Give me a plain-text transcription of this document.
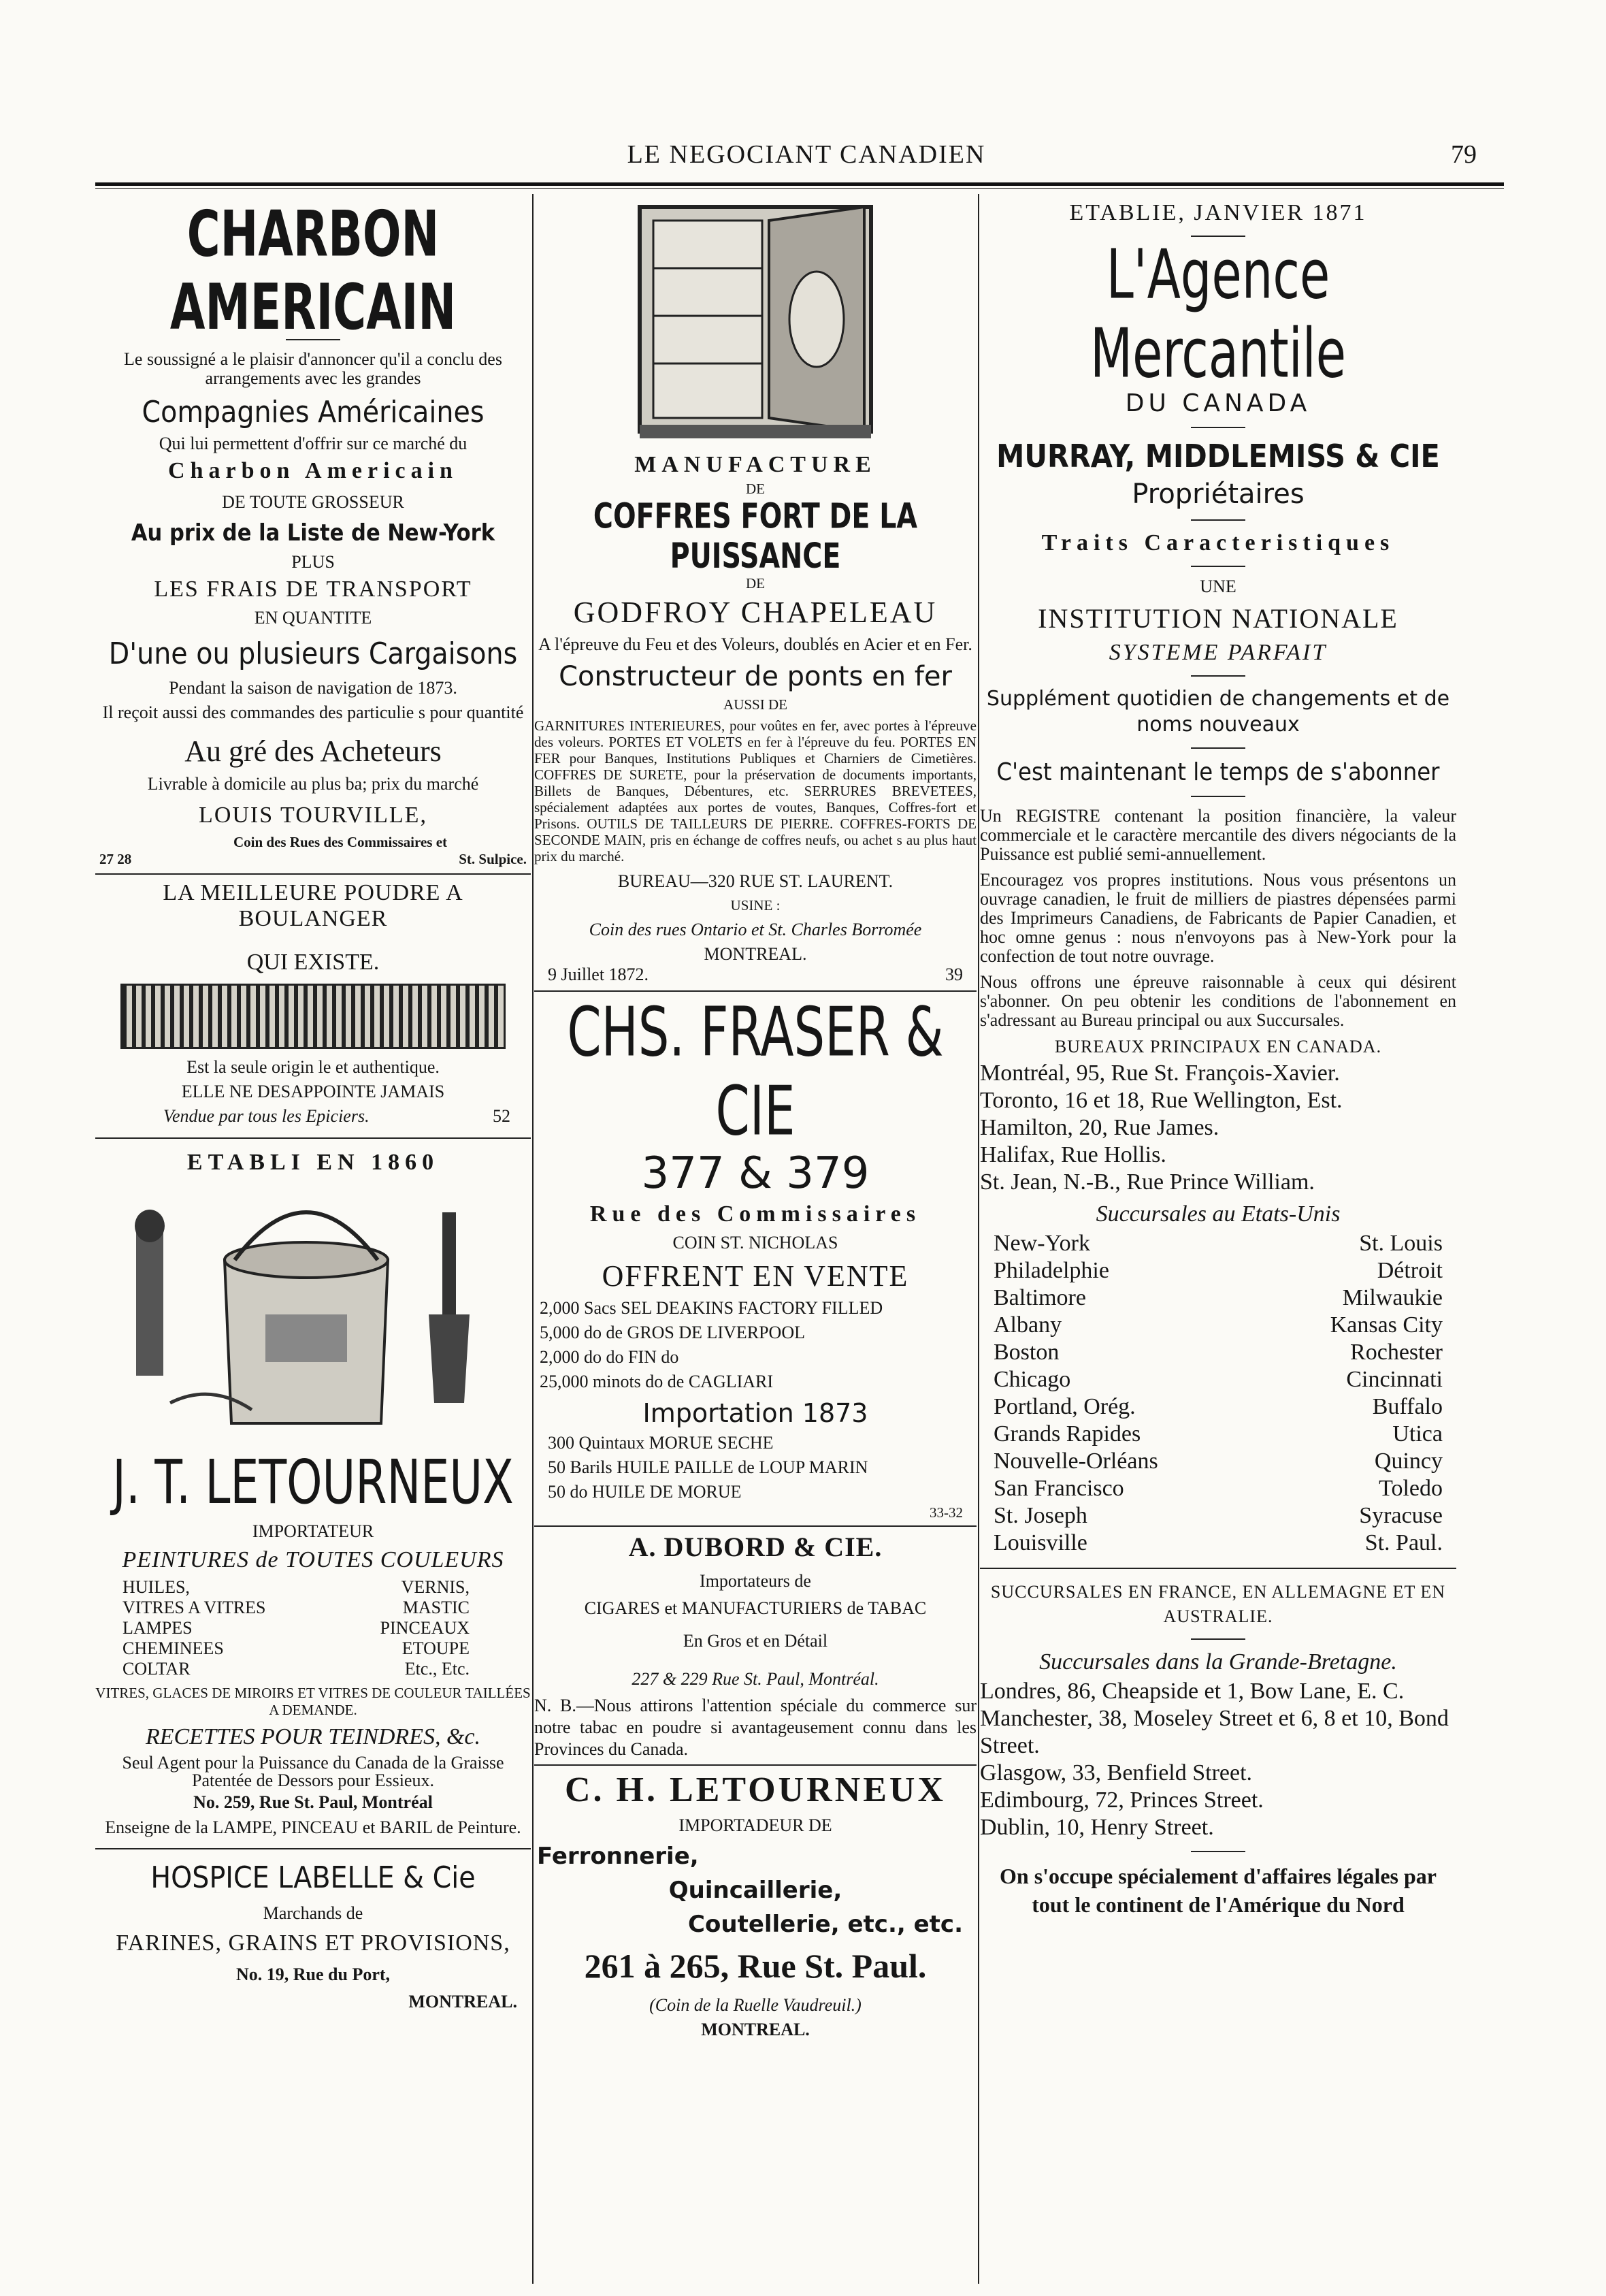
LE NEGOCIANT CANADIEN	79
CHARBON AMERICAIN
Le soussigné a le plaisir d'annoncer qu'il a conclu des arrangements avec les grandes
Compagnies Américaines
Qui lui permettent d'offrir sur ce marché du
Charbon Americain
DE TOUTE GROSSEUR
Au prix de la Liste de New-York
PLUS
LES FRAIS DE TRANSPORT
EN QUANTITE
D'une ou plusieurs Cargaisons
Pendant la saison de navigation de 1873.
Il reçoit aussi des commandes des particulie s pour quantité
Au gré des Acheteurs
Livrable à domicile au plus ba; prix du marché
LOUIS TOURVILLE,
Coin des Rues des Commissaires et
27 28	St. Sulpice.
LA MEILLEURE POUDRE A BOULANGER
QUI EXISTE.
Est la seule origin le et authentique.
ELLE NE DESAPPOINTE JAMAIS
Vendue par tous les Epiciers.	52
ETABLI EN 1860
J. T. LETOURNEUX
IMPORTATEUR
PEINTURES de TOUTES COULEURS
HUILES,	VERNIS,
VITRES A VITRES	MASTIC
LAMPES	PINCEAUX
CHEMINEES	ETOUPE
COLTAR	Etc., Etc.
VITRES, GLACES DE MIROIRS ET VITRES DE COULEUR TAILLÉES A DEMANDE.
RECETTES POUR TEINDRES, &c.
Seul Agent pour la Puissance du Canada de la Graisse Patentée de Dessors pour Essieux.
No. 259, Rue St. Paul, Montréal
Enseigne de la LAMPE, PINCEAU et BARIL de Peinture.
HOSPICE LABELLE & Cie
Marchands de
FARINES, GRAINS ET PROVISIONS,
No. 19, Rue du Port,
MONTREAL.
MANUFACTURE
DE
COFFRES FORT DE LA PUISSANCE
DE
GODFROY CHAPELEAU
A l'épreuve du Feu et des Voleurs, doublés en Acier et en Fer.
Constructeur de ponts en fer
AUSSI DE
GARNITURES INTERIEURES, pour voûtes en fer, avec portes à l'épreuve des voleurs. PORTES ET VOLETS en fer à l'épreuve du feu. PORTES EN FER pour Banques, Institutions Publiques et Charniers de Cimetières. COFFRES DE SURETE, pour la préservation de documents importants, Billets de Banques, Débentures, etc. SERRURES BREVETEES, spécialement adaptées aux portes de voutes, Banques, Coffres-fort et Prisons. OUTILS DE TAILLEURS DE PIERRE. COFFRES-FORTS DE SECONDE MAIN, pris en échange de coffres neufs, ou achet s au plus haut prix du marché.
BUREAU—320 RUE ST. LAURENT.
USINE :
Coin des rues Ontario et St. Charles Borromée
MONTREAL.
9 Juillet 1872.	39
CHS. FRASER & CIE
377 & 379
Rue des Commissaires
COIN ST. NICHOLAS
OFFRENT EN VENTE
2,000 Sacs SEL DEAKINS FACTORY FILLED
5,000 do de GROS DE LIVERPOOL
2,000 do do FIN do
25,000 minots do de CAGLIARI
Importation 1873
300 Quintaux MORUE SECHE
50 Barils HUILE PAILLE de LOUP MARIN
50 do HUILE DE MORUE
33-32
A. DUBORD & CIE.
Importateurs de
CIGARES et MANUFACTURIERS de TABAC
En Gros et en Détail
227 & 229 Rue St. Paul, Montréal.
N. B.—Nous attirons l'attention spéciale du commerce sur notre tabac en poudre si avantageusement connu dans les Provinces du Canada.
C. H. LETOURNEUX
IMPORTADEUR DE
Ferronnerie,
Quincaillerie,
Coutellerie, etc., etc.
261 à 265, Rue St. Paul.
(Coin de la Ruelle Vaudreuil.)
MONTREAL.
ETABLIE, JANVIER 1871
L'Agence Mercantile
DU CANADA
MURRAY, MIDDLEMISS & CIE
Propriétaires
Traits Caracteristiques
UNE
INSTITUTION NATIONALE
SYSTEME PARFAIT
Supplément quotidien de changements et de noms nouveaux
C'est maintenant le temps de s'abonner
Un REGISTRE contenant la position financière, la valeur commerciale et le caractère mercantile des divers négociants de la Puissance est publié semi-annuellement.
Encouragez vos propres institutions. Nous vous présentons un ouvrage canadien, le fruit de milliers de piastres dépensées parmi des Imprimeurs Canadiens, de Fabricants de Papier Canadien, et hoc omne genus : nous n'envoyons pas à New-York pour la confection de tout notre ouvrage.
Nous offrons une épreuve raisonnable à ceux qui désirent s'abonner. On peu obtenir les conditions de l'abonnement en s'adressant au Bureau principal ou aux Succursales.
BUREAUX PRINCIPAUX EN CANADA.
Montréal, 95, Rue St. François-Xavier.
Toronto, 16 et 18, Rue Wellington, Est.
Hamilton, 20, Rue James.
Halifax, Rue Hollis.
St. Jean, N.-B., Rue Prince William.
Succursales au Etats-Unis
New-York	St. Louis
Philadelphie	Détroit
Baltimore	Milwaukie
Albany	Kansas City
Boston	Rochester
Chicago	Cincinnati
Portland, Orég.	Buffalo
Grands Rapides	Utica
Nouvelle-Orléans	Quincy
San Francisco	Toledo
St. Joseph	Syracuse
Louisville	St. Paul.
SUCCURSALES EN FRANCE, EN ALLEMAGNE ET EN AUSTRALIE.
Succursales dans la Grande-Bretagne.
Londres, 86, Cheapside et 1, Bow Lane, E. C.
Manchester, 38, Moseley Street et 6, 8 et 10, Bond Street.
Glasgow, 33, Benfield Street.
Edimbourg, 72, Princes Street.
Dublin, 10, Henry Street.
On s'occupe spécialement d'affaires légales par tout le continent de l'Amérique du Nord
